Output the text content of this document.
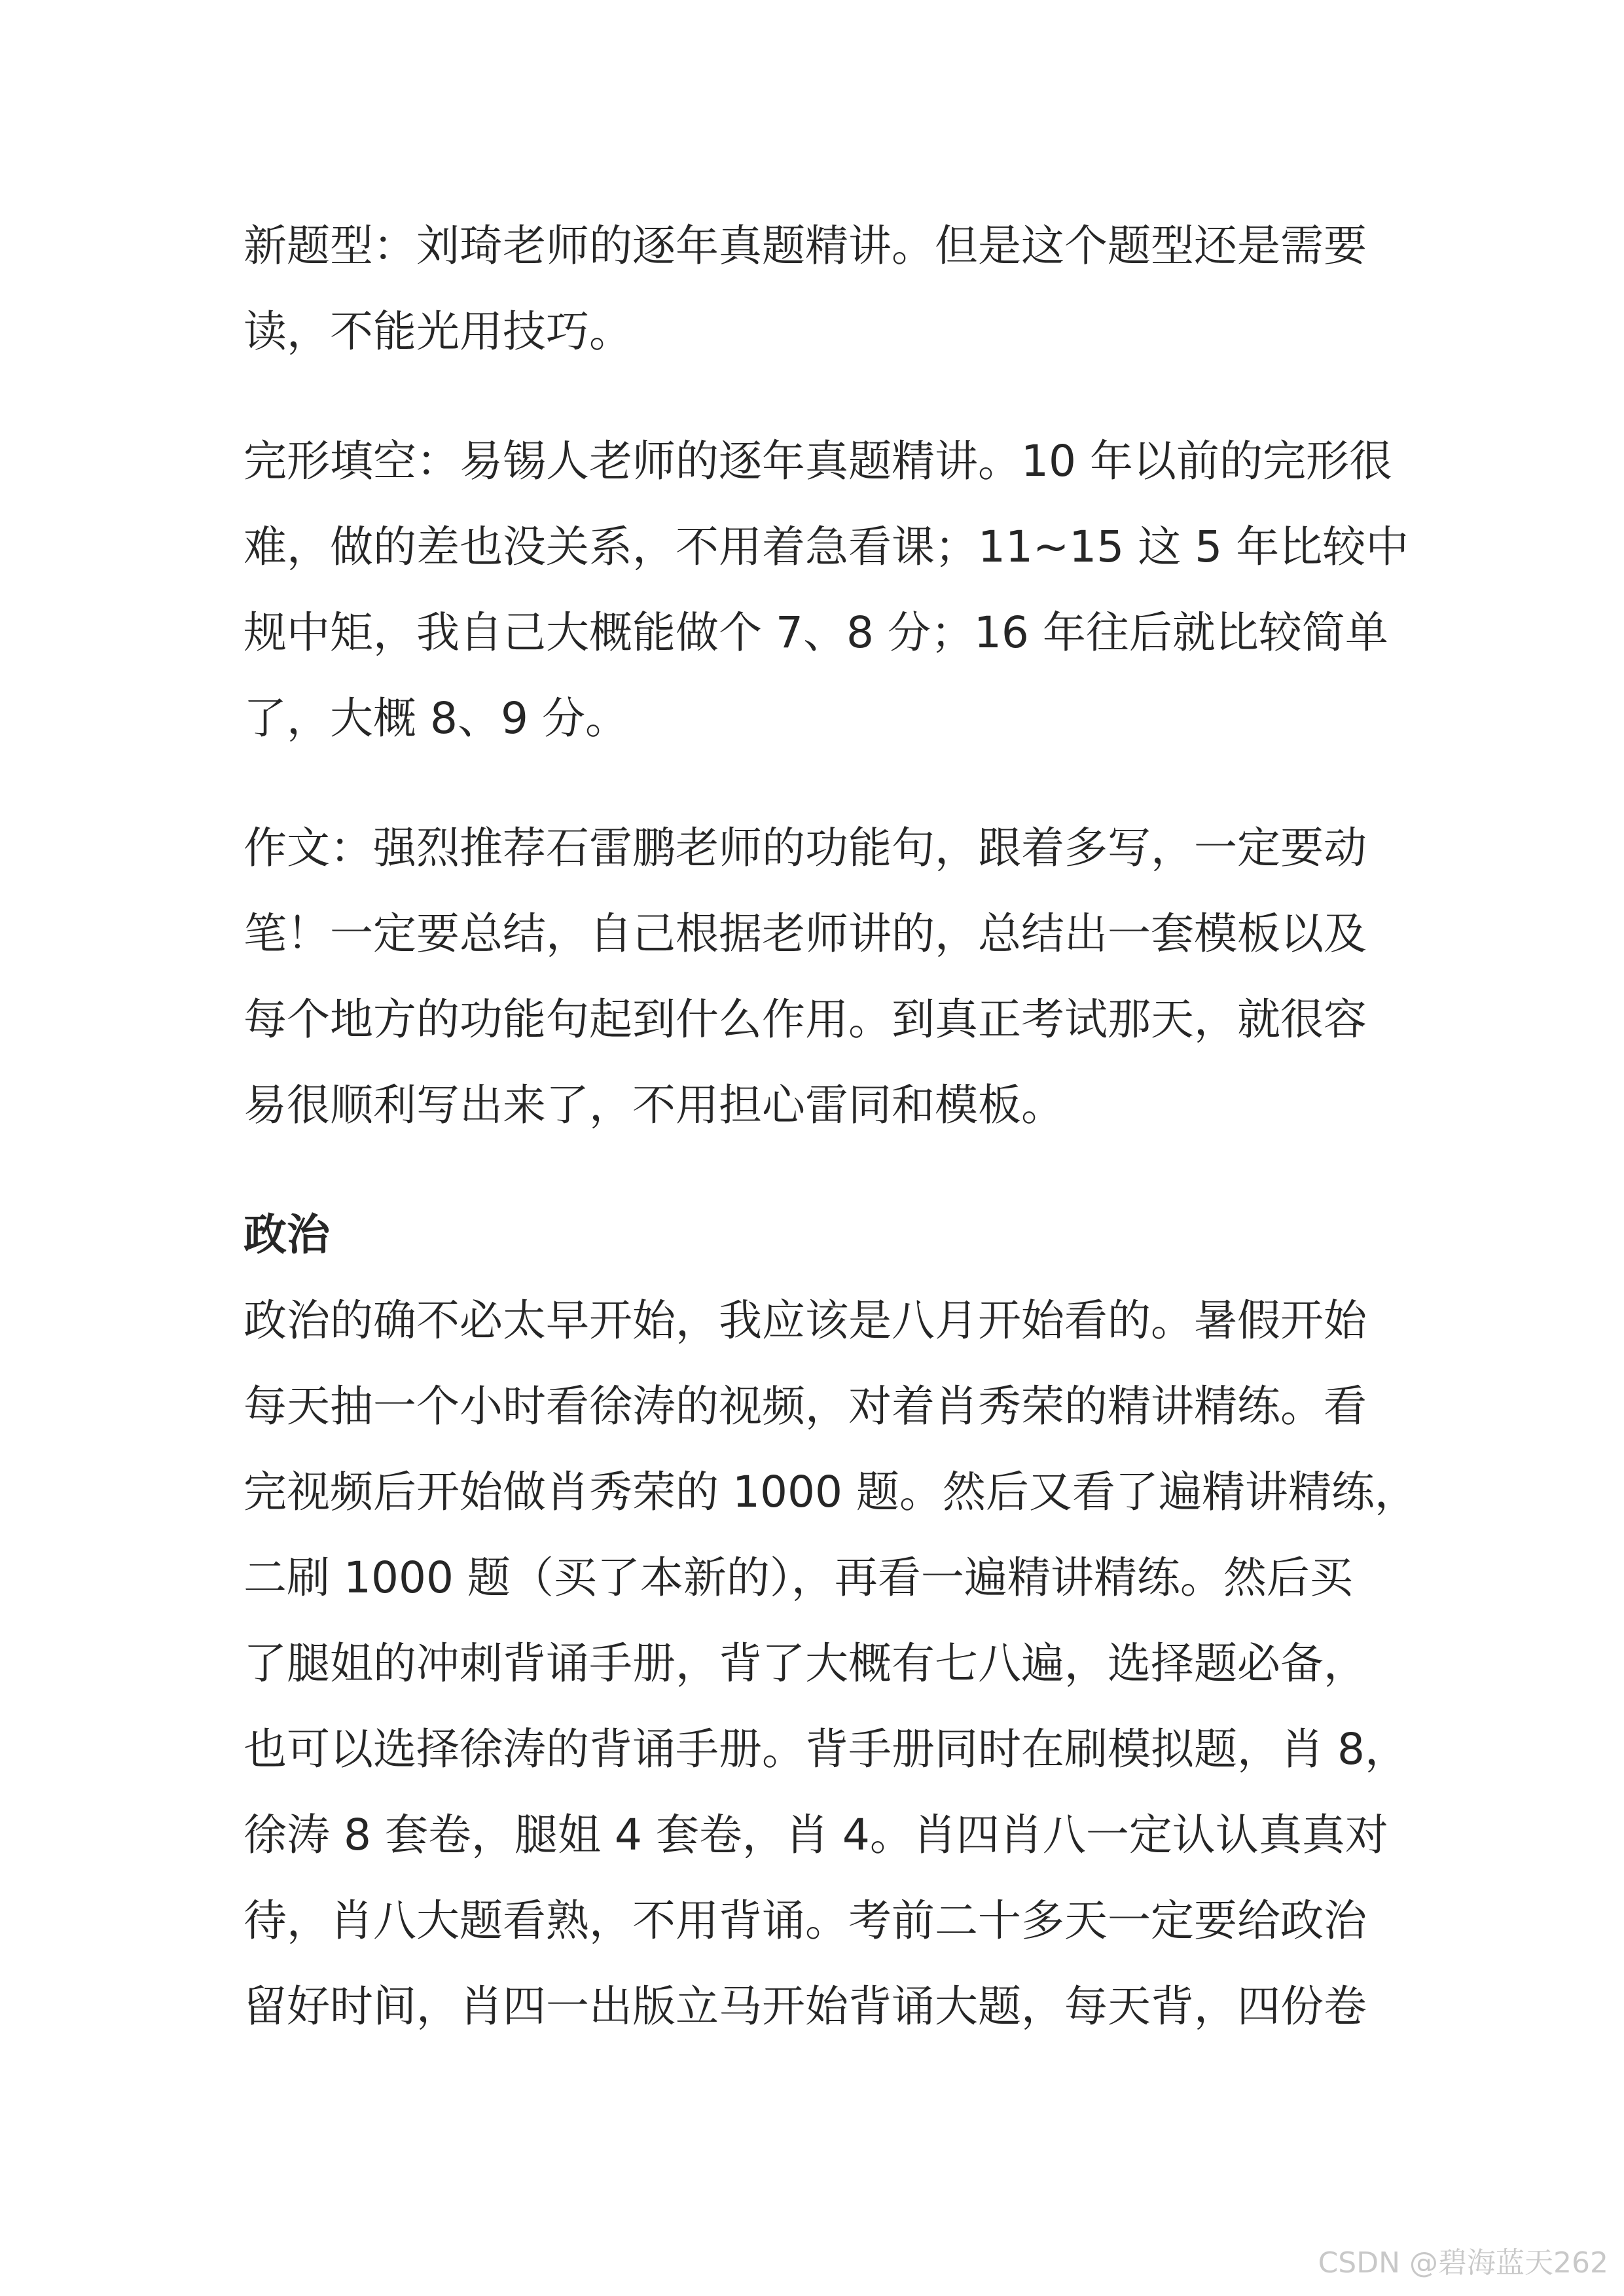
新题型：刘琦老师的逐年真题精讲。但是这个题型还是需要
读，不能光用技巧。

完形填空：易锡人老师的逐年真题精讲。10 年以前的完形很
难，做的差也没关系，不用着急看课；11~15 这 5 年比较中
规中矩，我自己大概能做个 7、8 分；16 年往后就比较简单
了，大概 8、9 分。

作文：强烈推荐石雷鹏老师的功能句，跟着多写，一定要动
笔！一定要总结，自己根据老师讲的，总结出一套模板以及
每个地方的功能句起到什么作用。到真正考试那天，就很容
易很顺利写出来了，不用担心雷同和模板。

政治

政治的确不必太早开始，我应该是八月开始看的。暑假开始
每天抽一个小时看徐涛的视频，对着肖秀荣的精讲精练。看
完视频后开始做肖秀荣的 1000 题。然后又看了遍精讲精练，
二刷 1000 题（买了本新的），再看一遍精讲精练。然后买
了腿姐的冲刺背诵手册，背了大概有七八遍，选择题必备，
也可以选择徐涛的背诵手册。背手册同时在刷模拟题，肖 8，
徐涛 8 套卷，腿姐 4 套卷，肖 4。肖四肖八一定认认真真对
待，肖八大题看熟，不用背诵。考前二十多天一定要给政治
留好时间，肖四一出版立马开始背诵大题，每天背，四份卷

CSDN @碧海蓝天262
